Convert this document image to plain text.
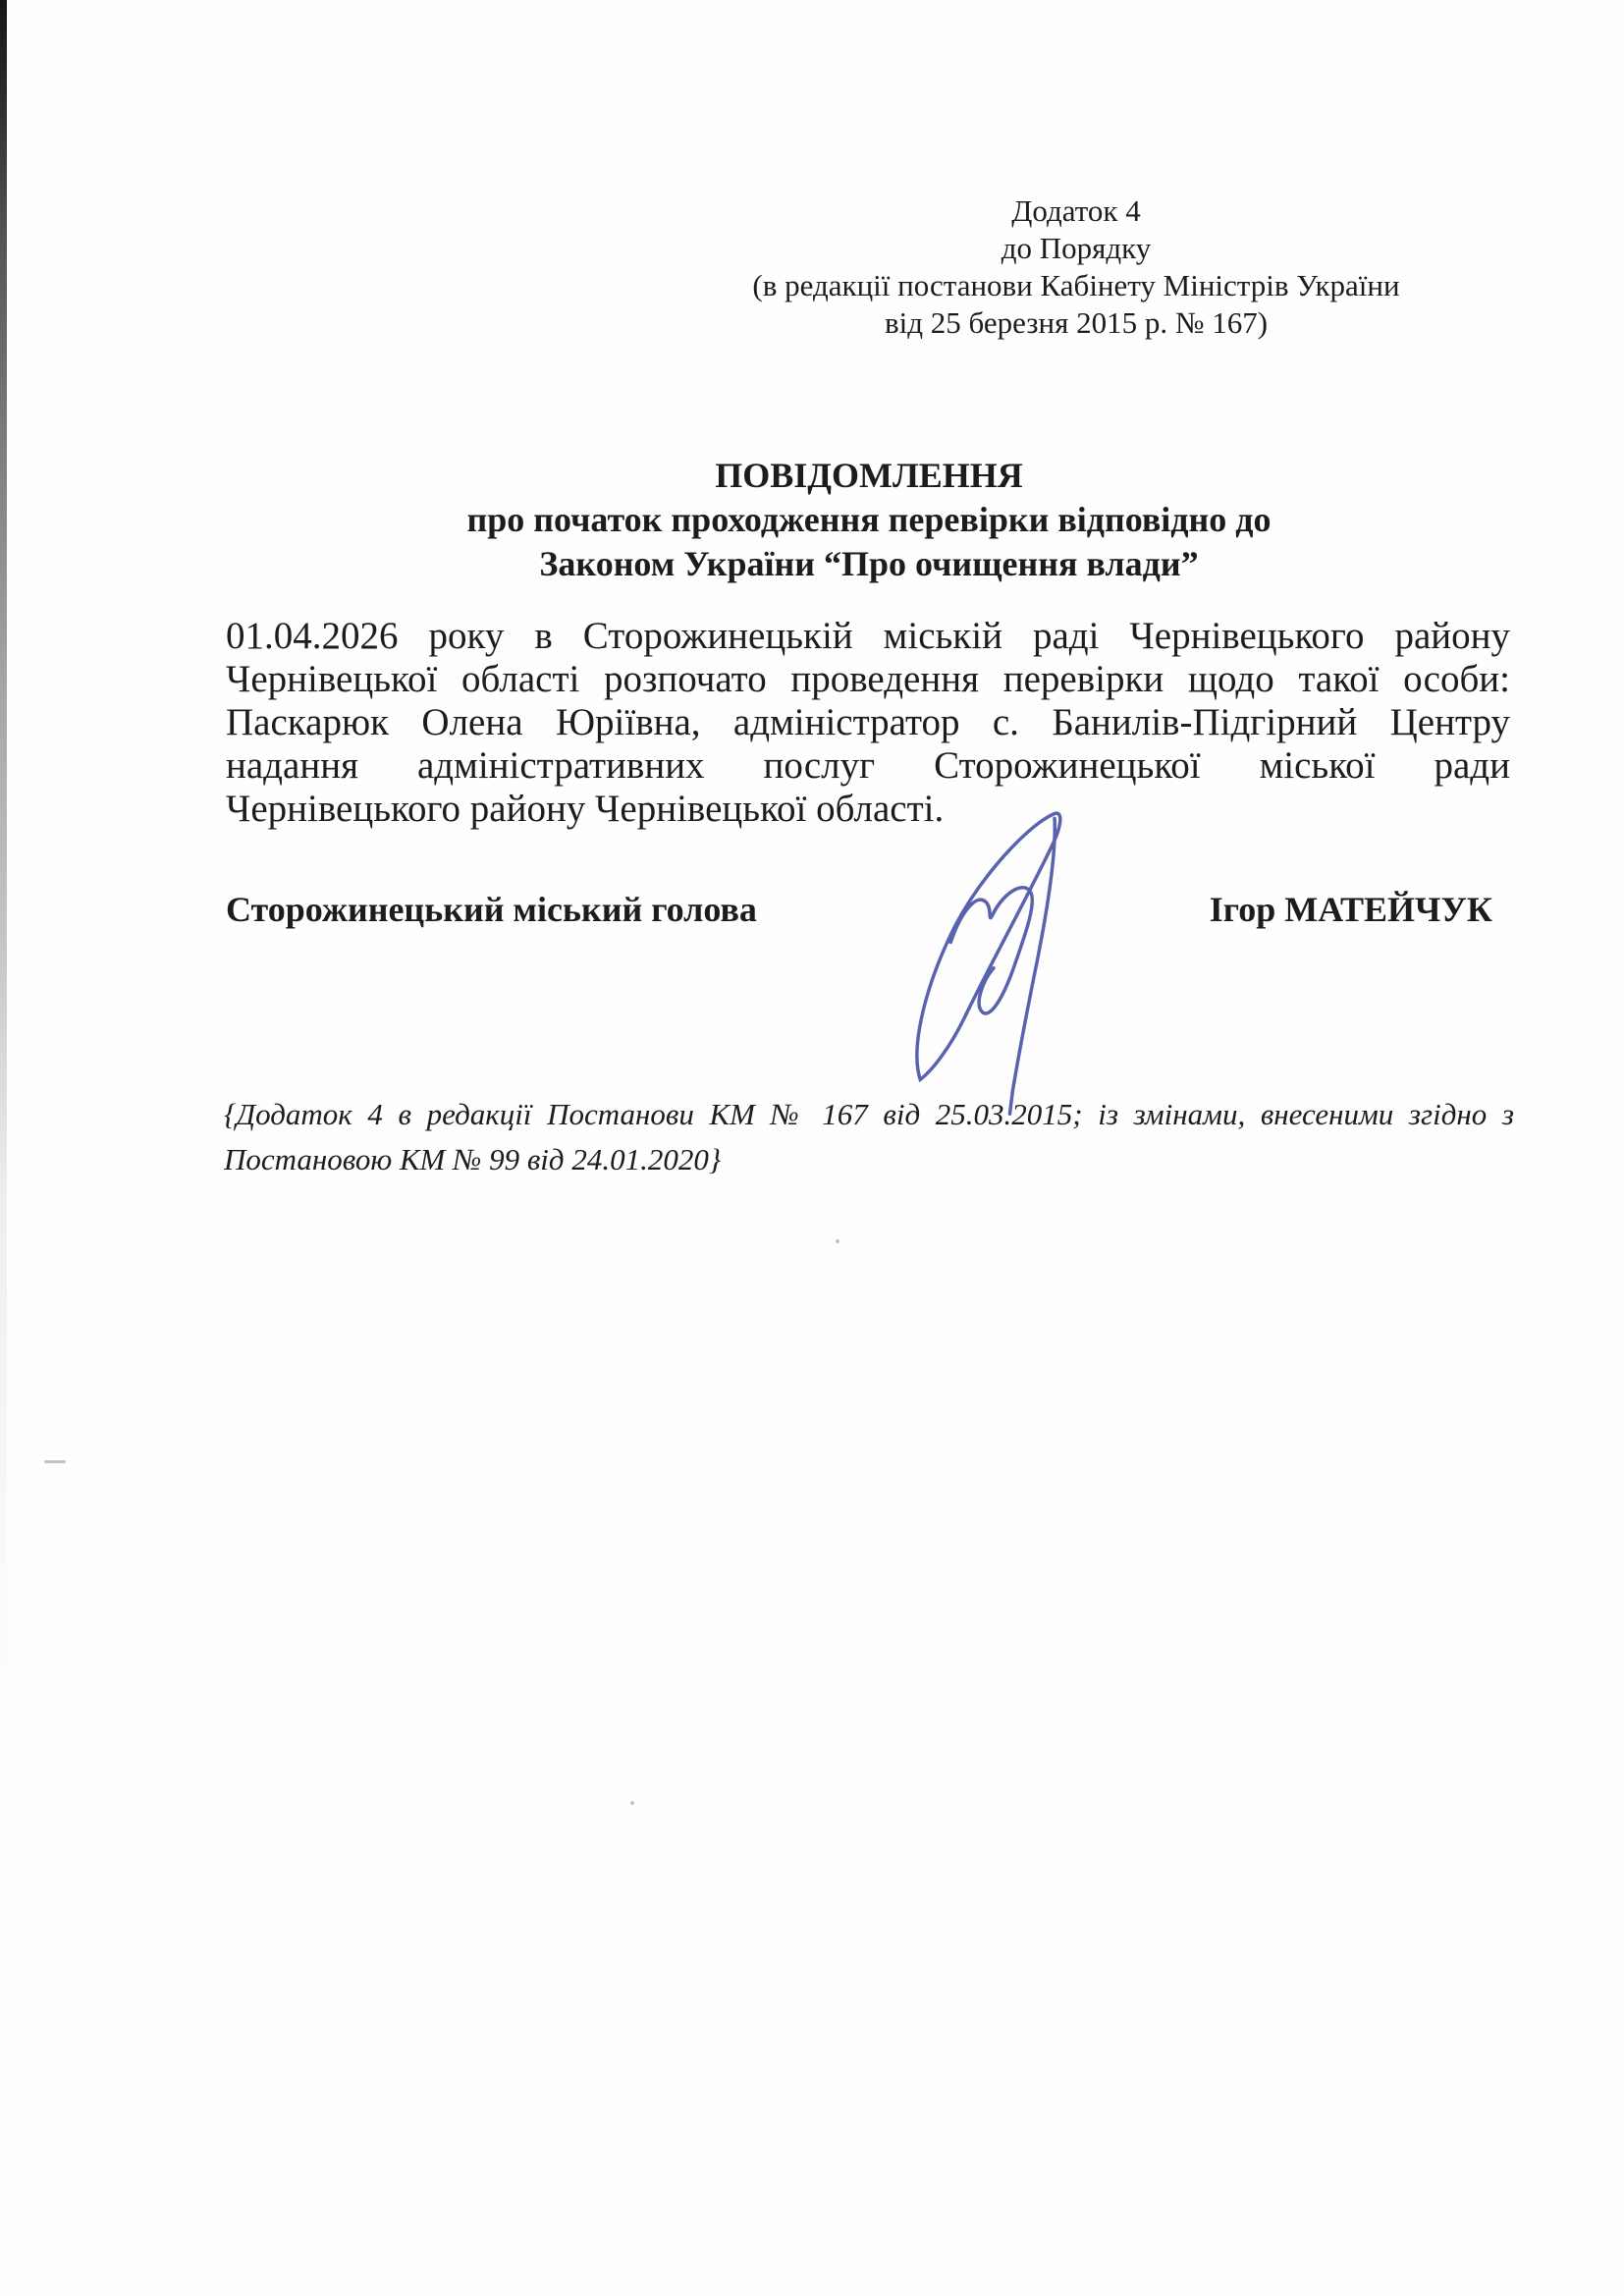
Додаток 4
до Порядку
(в редакції постанови Кабінету Міністрів України
від 25 березня 2015 р. № 167)
ПОВІДОМЛЕННЯ
про початок проходження перевірки відповідно до
Законом України “Про очищення влади”
01.04.2026 року в Сторожинецькій міській раді Чернівецького району
Чернівецької області розпочато проведення перевірки щодо такої особи:
Паскарюк Олена Юріївна, адміністратор с. Банилів-Підгірний Центру
надання адміністративних послуг Сторожинецької міської ради
Чернівецького району Чернівецької області.
Сторожинецький міський голова	Ігор МАТЕЙЧУК
{Додаток 4 в редакції Постанови КМ № 167 від 25.03.2015; із змінами, внесеними згідно з
Постановою КМ № 99 від 24.01.2020}
